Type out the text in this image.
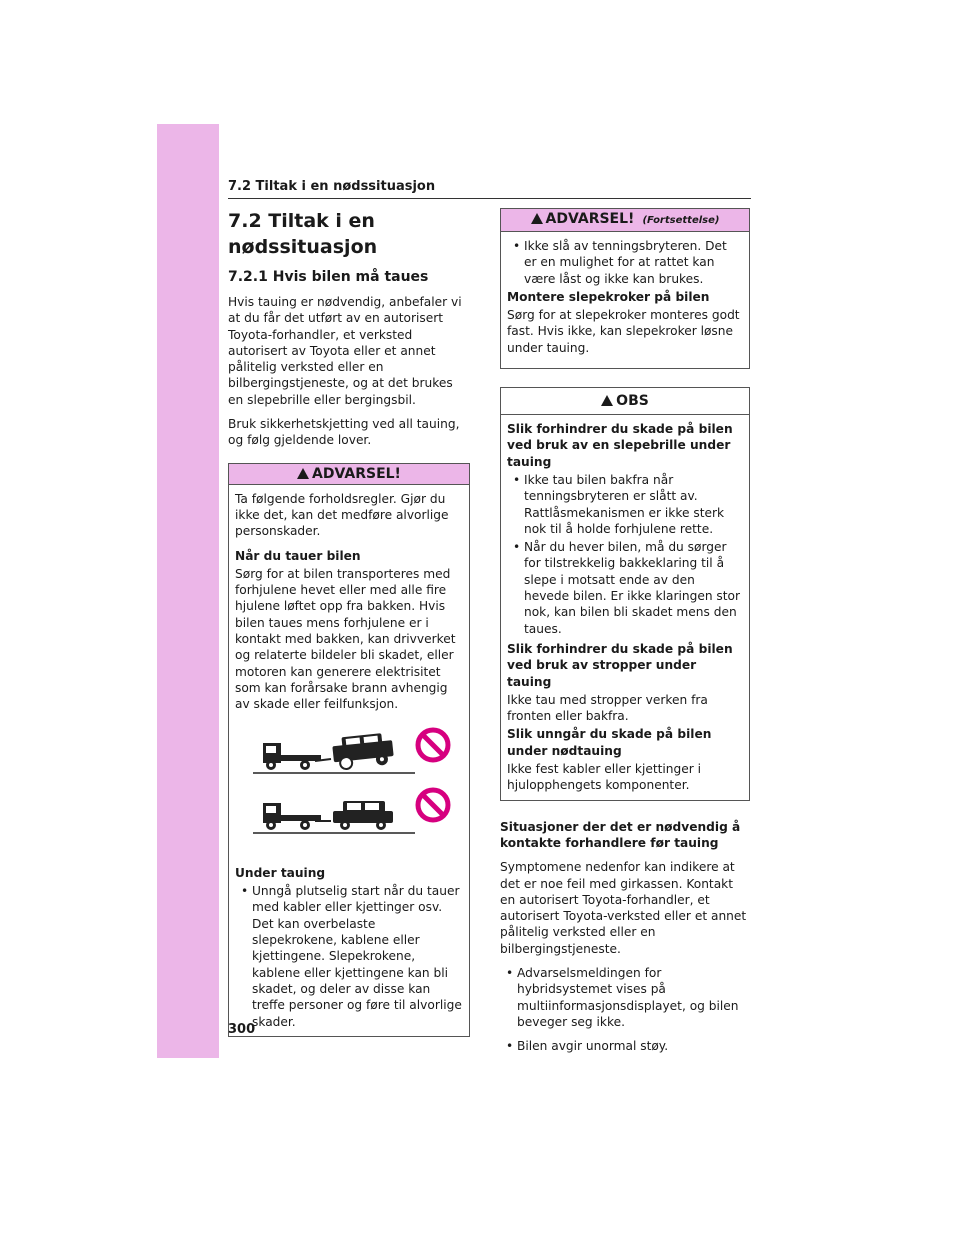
7.2 Tiltak i en nødssituasjon
7.2 Tiltak i en nødssituasjon
7.2.1 Hvis bilen må taues

Hvis tauing er nødvendig, anbefaler vi at du får det utført av en autorisert Toyota-forhandler, et verksted autorisert av Toyota eller et annet pålitelig verksted eller en bilbergingstjeneste, og at det brukes en slepebrille eller bergingsbil.

Bruk sikkerhetskjetting ved all tauing, og følg gjeldende lover.

ADVARSEL!

Ta følgende forholdsregler. Gjør du ikke det, kan det medføre alvorlige personskader.

Når du tauer bilen

Sørg for at bilen transporteres med forhjulene hevet eller med alle fire hjulene løftet opp fra bakken. Hvis bilen taues mens forhjulene er i kontakt med bakken, kan drivverket og relaterte bildeler bli skadet, eller motoren kan generere elektrisitet som kan forårsake brann avhengig av skade eller feilfunksjon.

Under tauing

• Unngå plutselig start når du tauer med kabler eller kjettinger osv. Det kan overbelaste slepekrokene, kablene eller kjettingene. Slepekrokene, kablene eller kjettingene kan bli skadet, og deler av disse kan treffe personer og føre til alvorlige skader.

ADVARSEL! (Fortsettelse)

• Ikke slå av tenningsbryteren. Det er en mulighet for at rattet kan være låst og ikke kan brukes.

Montere slepekroker på bilen

Sørg for at slepekroker monteres godt fast. Hvis ikke, kan slepekroker løsne under tauing.

OBS

Slik forhindrer du skade på bilen ved bruk av en slepebrille under tauing

• Ikke tau bilen bakfra når tenningsbryteren er slått av. Rattlåsmekanismen er ikke sterk nok til å holde forhjulene rette.

• Når du hever bilen, må du sørger for tilstrekkelig bakkeklaring til å slepe i motsatt ende av den hevede bilen. Er ikke klaringen stor nok, kan bilen bli skadet mens den taues.

Slik forhindrer du skade på bilen ved bruk av stropper under tauing

Ikke tau med stropper verken fra fronten eller bakfra.

Slik unngår du skade på bilen under nødtauing

Ikke fest kabler eller kjettinger i hjulopphengets komponenter.

Situasjoner der det er nødvendig å kontakte forhandlere før tauing

Symptomene nedenfor kan indikere at det er noe feil med girkassen. Kontakt en autorisert Toyota-forhandler, et autorisert Toyota-verksted eller et annet pålitelig verksted eller en bilbergingstjeneste.

• Advarselsmeldingen for hybridsystemet vises på multiinformasjonsdisplayet, og bilen beveger seg ikke.

• Bilen avgir unormal støy.

300
